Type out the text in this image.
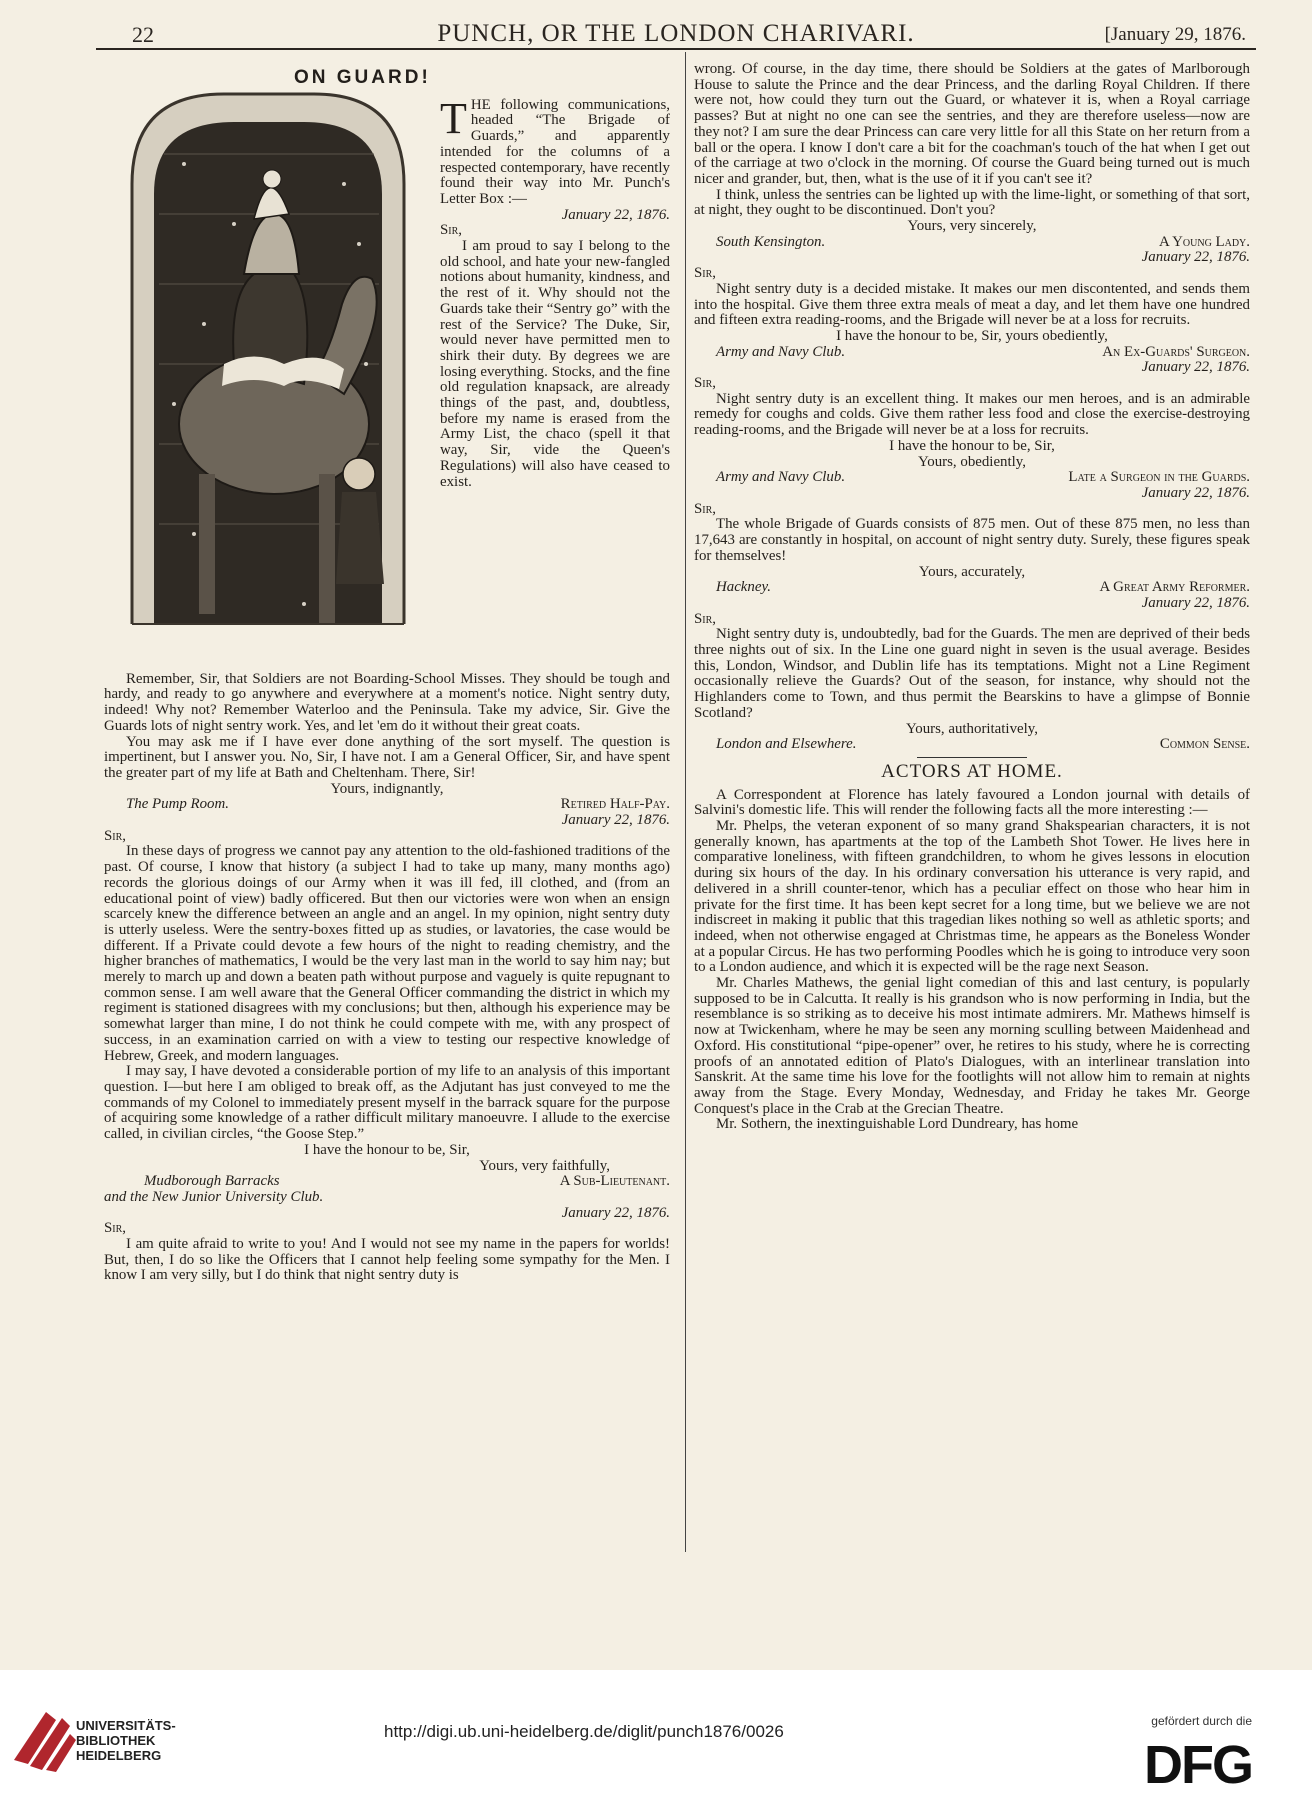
22	PUNCH, OR THE LONDON CHARIVARI.	[January 29, 1876.
ON GUARD!

THE following communications, headed “The Brigade of Guards,” and apparently intended for the columns of a respected contemporary, have recently found their way into Mr. Punch's Letter Box :—

January 22, 1876.

Sir,

I am proud to say I belong to the old school, and hate your new-fangled notions about humanity, kindness, and the rest of it. Why should not the Guards take their “Sentry go” with the rest of the Service? The Duke, Sir, would never have permitted men to shirk their duty. By degrees we are losing everything. Stocks, and the fine old regulation knapsack, are already things of the past, and, doubtless, before my name is erased from the Army List, the chaco (spell it that way, Sir, vide the Queen's Regulations) will also have ceased to exist.

Remember, Sir, that Soldiers are not Boarding-School Misses. They should be tough and hardy, and ready to go anywhere and everywhere at a moment's notice. Night sentry duty, indeed! Why not? Remember Waterloo and the Peninsula. Take my advice, Sir. Give the Guards lots of night sentry work. Yes, and let 'em do it without their great coats.

You may ask me if I have ever done anything of the sort myself. The question is impertinent, but I answer you. No, Sir, I have not. I am a General Officer, Sir, and have spent the greater part of my life at Bath and Cheltenham. There, Sir!

Yours, indignantly,

The Pump Room.	Retired Half-Pay.

January 22, 1876.

Sir,

In these days of progress we cannot pay any attention to the old-fashioned traditions of the past. Of course, I know that history (a subject I had to take up many, many months ago) records the glorious doings of our Army when it was ill fed, ill clothed, and (from an educational point of view) badly officered. But then our victories were won when an ensign scarcely knew the difference between an angle and an angel. In my opinion, night sentry duty is utterly useless. Were the sentry-boxes fitted up as studies, or lavatories, the case would be different. If a Private could devote a few hours of the night to reading chemistry, and the higher branches of mathematics, I would be the very last man in the world to say him nay; but merely to march up and down a beaten path without purpose and vaguely is quite repugnant to common sense. I am well aware that the General Officer commanding the district in which my regiment is stationed disagrees with my conclusions; but then, although his experience may be somewhat larger than mine, I do not think he could compete with me, with any prospect of success, in an examination carried on with a view to testing our respective knowledge of Hebrew, Greek, and modern languages.

I may say, I have devoted a considerable portion of my life to an analysis of this important question. I—but here I am obliged to break off, as the Adjutant has just conveyed to me the commands of my Colonel to immediately present myself in the barrack square for the purpose of acquiring some knowledge of a rather difficult military manoeuvre. I allude to the exercise called, in civilian circles, “the Goose Step.”

I have the honour to be, Sir,

Yours, very faithfully,

Mudborough Barracks	A Sub-Lieutenant.

and the New Junior University Club.

January 22, 1876.

Sir,

I am quite afraid to write to you! And I would not see my name in the papers for worlds! But, then, I do so like the Officers that I cannot help feeling some sympathy for the Men. I know I am very silly, but I do think that night sentry duty is

wrong. Of course, in the day time, there should be Soldiers at the gates of Marlborough House to salute the Prince and the dear Princess, and the darling Royal Children. If there were not, how could they turn out the Guard, or whatever it is, when a Royal carriage passes? But at night no one can see the sentries, and they are therefore useless—now are they not? I am sure the dear Princess can care very little for all this State on her return from a ball or the opera. I know I don't care a bit for the coachman's touch of the hat when I get out of the carriage at two o'clock in the morning. Of course the Guard being turned out is much nicer and grander, but, then, what is the use of it if you can't see it?

I think, unless the sentries can be lighted up with the lime-light, or something of that sort, at night, they ought to be discontinued. Don't you?

Yours, very sincerely,

South Kensington.	A Young Lady.

January 22, 1876.

Sir,

Night sentry duty is a decided mistake. It makes our men discontented, and sends them into the hospital. Give them three extra meals of meat a day, and let them have one hundred and fifteen extra reading-rooms, and the Brigade will never be at a loss for recruits.

I have the honour to be, Sir, yours obediently,

Army and Navy Club.	An Ex-Guards' Surgeon.

January 22, 1876.

Sir,

Night sentry duty is an excellent thing. It makes our men heroes, and is an admirable remedy for coughs and colds. Give them rather less food and close the exercise-destroying reading-rooms, and the Brigade will never be at a loss for recruits.

I have the honour to be, Sir,

Yours, obediently,

Army and Navy Club.	Late a Surgeon in the Guards.

January 22, 1876.

Sir,

The whole Brigade of Guards consists of 875 men. Out of these 875 men, no less than 17,643 are constantly in hospital, on account of night sentry duty. Surely, these figures speak for themselves!

Yours, accurately,

Hackney.	A Great Army Reformer.

January 22, 1876.

Sir,

Night sentry duty is, undoubtedly, bad for the Guards. The men are deprived of their beds three nights out of six. In the Line one guard night in seven is the usual average. Besides this, London, Windsor, and Dublin life has its temptations. Might not a Line Regiment occasionally relieve the Guards? Out of the season, for instance, why should not the Highlanders come to Town, and thus permit the Bearskins to have a glimpse of Bonnie Scotland?

Yours, authoritatively,

London and Elsewhere.	Common Sense.
ACTORS AT HOME.

A Correspondent at Florence has lately favoured a London journal with details of Salvini's domestic life. This will render the following facts all the more interesting :—

Mr. Phelps, the veteran exponent of so many grand Shakspearian characters, it is not generally known, has apartments at the top of the Lambeth Shot Tower. He lives here in comparative loneliness, with fifteen grandchildren, to whom he gives lessons in elocution during six hours of the day. In his ordinary conversation his utterance is very rapid, and delivered in a shrill counter-tenor, which has a peculiar effect on those who hear him in private for the first time. It has been kept secret for a long time, but we believe we are not indiscreet in making it public that this tragedian likes nothing so well as athletic sports; and indeed, when not otherwise engaged at Christmas time, he appears as the Boneless Wonder at a popular Circus. He has two performing Poodles which he is going to introduce very soon to a London audience, and which it is expected will be the rage next Season.

Mr. Charles Mathews, the genial light comedian of this and last century, is popularly supposed to be in Calcutta. It really is his grandson who is now performing in India, but the resemblance is so striking as to deceive his most intimate admirers. Mr. Mathews himself is now at Twickenham, where he may be seen any morning sculling between Maidenhead and Oxford. His constitutional “pipe-opener” over, he retires to his study, where he is correcting proofs of an annotated edition of Plato's Dialogues, with an interlinear translation into Sanskrit. At the same time his love for the footlights will not allow him to remain at nights away from the Stage. Every Monday, Wednesday, and Friday he takes Mr. George Conquest's place in the Crab at the Grecian Theatre.

Mr. Sothern, the inextinguishable Lord Dundreary, has home

UNIVERSITÄTS-
BIBLIOTHEK
HEIDELBERG
http://digi.ub.uni-heidelberg.de/diglit/punch1876/0026
gefördert durch die
DFG
